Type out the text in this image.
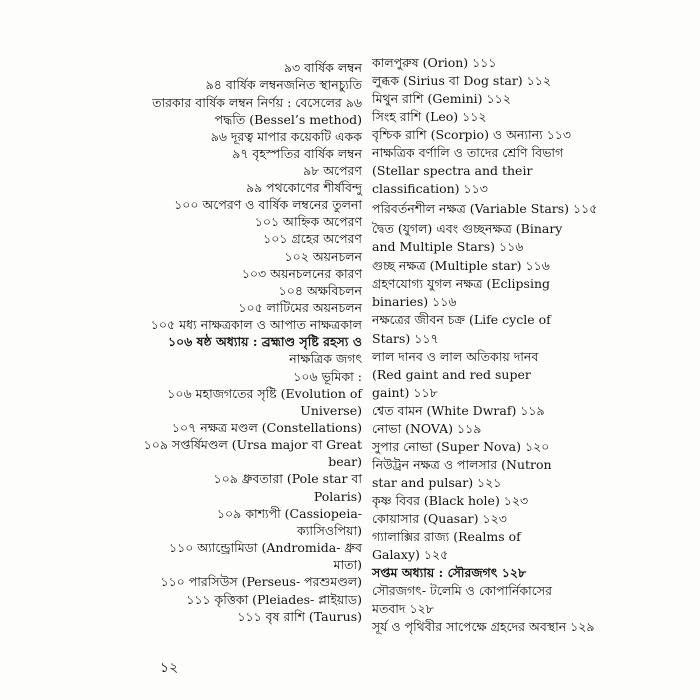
৯৩ বার্ষিক লম্বন
৯৪ বার্ষিক লম্বনজনিত স্থানচ্যুতি
তারকার বার্ষিক লম্বন নির্ণয় : বেসেলের ৯৬
পদ্ধতি (Bessel’s method)
৯৬ দূরত্ব মাপার কয়েকটি একক
৯৭ বৃহস্পতির বার্ষিক লম্বন
৯৮ অপেরণ
৯৯ পথকোণের শীর্ষবিন্দু
১০০ অপেরণ ও বার্ষিক লম্বনের তুলনা
১০১ আহ্নিক অপেরণ
১০১ গ্রহের অপেরণ
১০২ অয়নচলন
১০৩ অয়নচলনের কারণ
১০৪ অক্ষবিচলন
১০৫ লাটিমের অয়নচলন
১০৫ মধ্য নাক্ষত্রকাল ও আপাত নাক্ষত্রকাল
১০৬ ষষ্ঠ অধ্যায় : ব্রহ্মাণ্ড সৃষ্টি রহস্য ও
নাক্ষত্রিক জগৎ
১০৬ ভূমিকা :
১০৬ মহাজগতের সৃষ্টি (Evolution of
Universe)
১০৭ নক্ষত্র মণ্ডল (Constellations)
১০৯ সপ্তর্ষিমণ্ডল (Ursa major বা Great
bear)
১০৯ ধ্রুবতারা (Pole star বা
Polaris)
১০৯ কাশ্যপী (Cassiopeia-
ক্যাসিওপিয়া)
১১০ অ্যান্ড্রোমিডা (Andromida- ধ্রুব
মাতা)
১১০ পারসিউস (Perseus- পরশুমণ্ডল)
১১১ কৃত্তিকা (Pleiades- প্লাইয়াড)
১১১ বৃষ রাশি (Taurus)
কালপুরুষ (Orion) ১১১
লুব্ধক (Sirius বা Dog star) ১১২
মিথুন রাশি (Gemini) ১১২
সিংহ রাশি (Leo) ১১২
বৃশ্চিক রাশি (Scorpio) ও অন্যান্য ১১৩
নাক্ষত্রিক বর্ণালি ও তাদের শ্রেণি বিভাগ
(Stellar spectra and their
classification) ১১৩
পরিবর্তনশীল নক্ষত্র (Variable Stars) ১১৫
দ্বৈত (যুগল) এবং গুচ্ছনক্ষত্র (Binary
and Multiple Stars) ১১৬
গুচ্ছ নক্ষত্র (Multiple star) ১১৬
গ্রহণযোগ্য যুগল নক্ষত্র (Eclipsing
binaries) ১১৬
নক্ষত্রের জীবন চক্র (Life cycle of
Stars) ১১৭
লাল দানব ও লাল অতিকায় দানব
(Red gaint and red super
gaint) ১১৮
শ্বেত বামন (White Dwraf) ১১৯
নোভা (NOVA) ১১৯
সুপার নোভা (Super Nova) ১২০
নিউট্রন নক্ষত্র ও পালসার (Nutron
star and pulsar) ১২১
কৃষ্ণ বিবর (Black hole) ১২৩
কোয়াসার (Quasar) ১২৩
গ্যালাক্সির রাজ্য (Realms of
Galaxy) ১২৫
সপ্তম অধ্যায় : সৌরজগৎ ১২৮
সৌরজগৎ- টলেমি ও কোপার্নিকাসের
মতবাদ ১২৮
সূর্য ও পৃথিবীর সাপেক্ষে গ্রহদের অবস্থান ১২৯
১২
